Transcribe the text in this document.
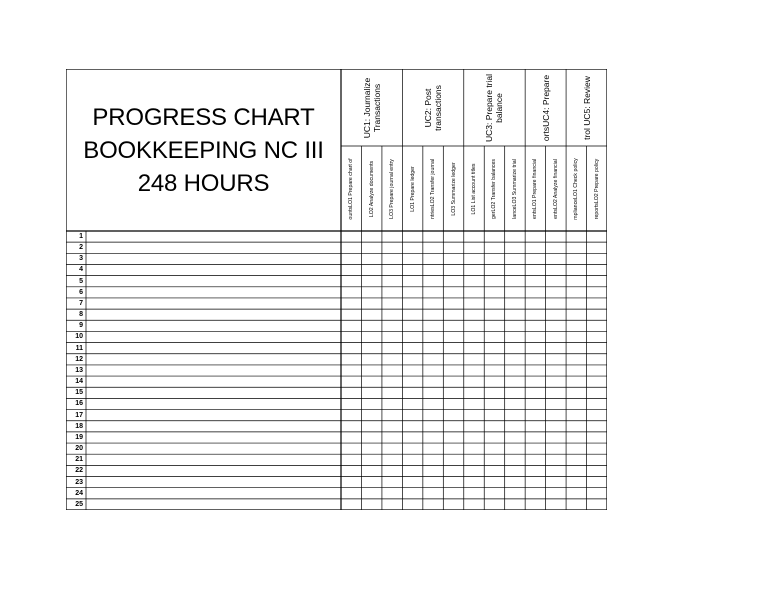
PROGRESS CHART
BOOKKEEPING NC III
248 HOURS
UC1: Journalize Transactions	UC2: Post transactions	UC3: Prepare trial balance	ortsUC4: Prepare	trol UC5: Review
ountsLO1 Prepare chart of	LO2 Analyze documents	LO3 Prepare journal entry	LO1 Prepare ledger	ntriesLO2 Transfer journal	LO3 Summarize ledger	LO1 List account titles	gerLO2 Transfer balances	lanceLO3 Summarize trial	entsLO1 Prepare financial	entsLO2 Analyze financial	mplianceLO1 Check policy	reportsLO2 Prepare policy
1
2
3
4
5
6
7
8
9
10
11
12
13
14
15
16
17
18
19
20
21
22
23
24
25
